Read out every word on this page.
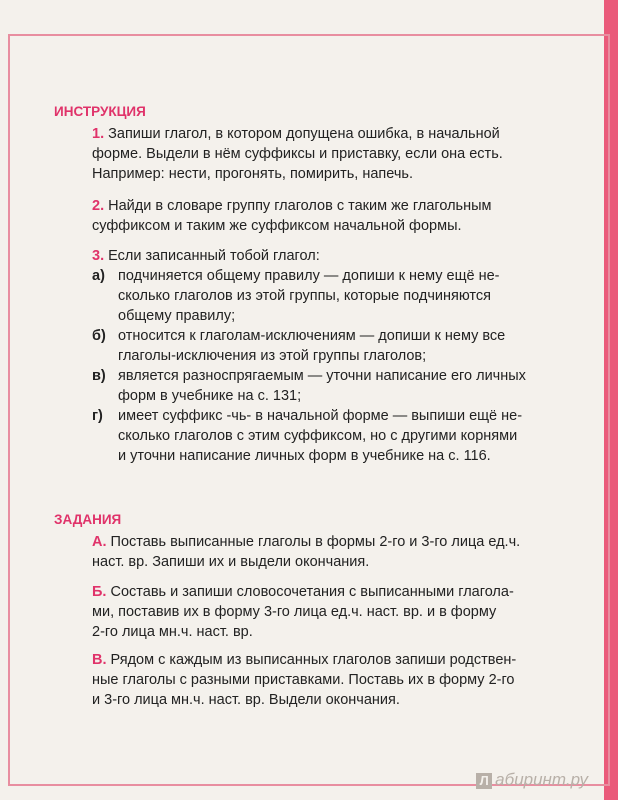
ИНСТРУКЦИЯ

1. Запиши глагол, в котором допущена ошибка, в начальной
форме. Выдели в нём суффиксы и приставку, если она есть.
Например: нести, прогонять, помирить, напечь.

2. Найди в словаре группу глаголов с таким же глагольным
суффиксом и таким же суффиксом начальной формы.

3. Если записанный тобой глагол:

а) подчиняется общему правилу — допиши к нему ещё не-
сколько глаголов из этой группы, которые подчиняются
общему правилу;
б) относится к глаголам-исключениям — допиши к нему все
глаголы-исключения из этой группы глаголов;
в) является разноспрягаемым — уточни написание его личных
форм в учебнике на с. 131;
г) имеет суффикс -чь- в начальной форме — выпиши ещё не-
сколько глаголов с этим суффиксом, но с другими корнями
и уточни написание личных форм в учебнике на с. 116.
ЗАДАНИЯ

А. Поставь выписанные глаголы в формы 2-го и 3-го лица ед.ч.
наст. вр. Запиши их и выдели окончания.

Б. Составь и запиши словосочетания с выписанными глагола-
ми, поставив их в форму 3-го лица ед.ч. наст. вр. и в форму
2-го лица мн.ч. наст. вр.

В. Рядом с каждым из выписанных глаголов запиши родствен-
ные глаголы с разными приставками. Поставь их в форму 2-го
и 3-го лица мн.ч. наст. вр. Выдели окончания.

Л абиринт.ру
